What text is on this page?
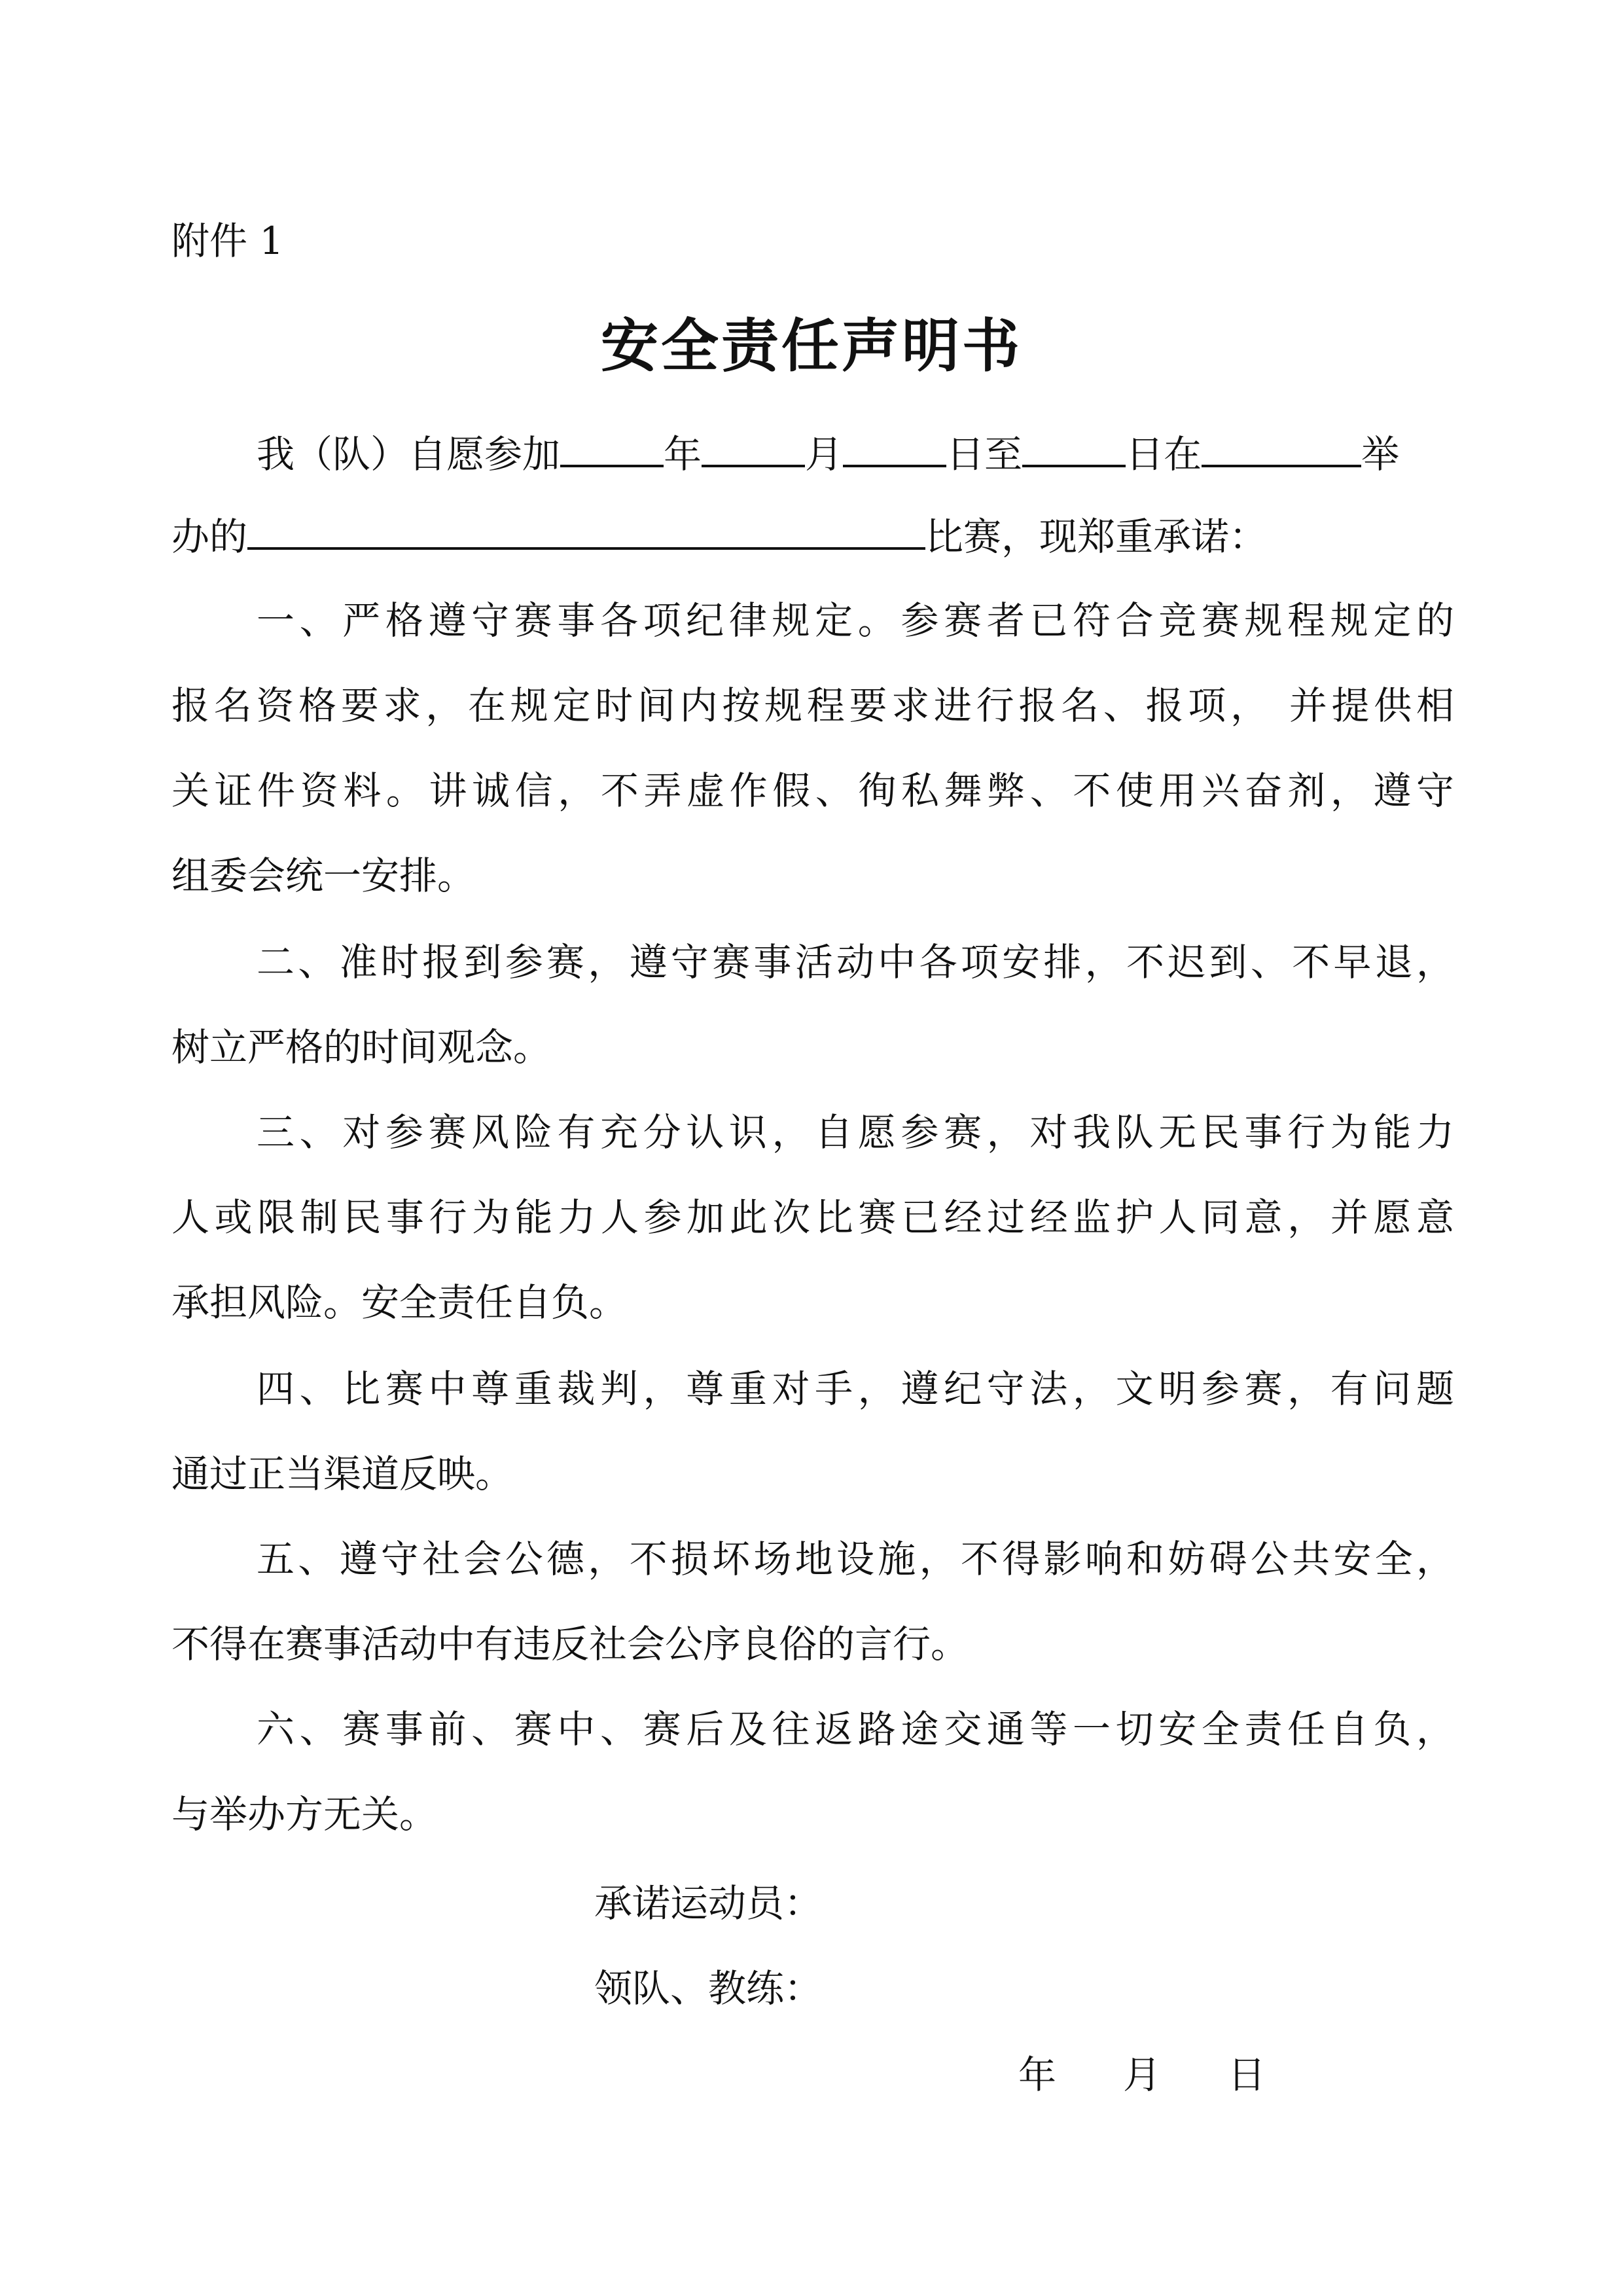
附件 1
安全责任声明书
我（队）自愿参加	年	月	日至	日在	举
办的	比赛，现郑重承诺：
一、严格遵守赛事各项纪律规定。参赛者已符合竞赛规程规定的
报名资格要求，在规定时间内按规程要求进行报名、报项， 并提供相
关证件资料。讲诚信，不弄虚作假、徇私舞弊、不使用兴奋剂，遵守
组委会统一安排。
二、准时报到参赛，遵守赛事活动中各项安排，不迟到、不早退，
树立严格的时间观念。
三、对参赛风险有充分认识，自愿参赛，对我队无民事行为能力
人或限制民事行为能力人参加此次比赛已经过经监护人同意，并愿意
承担风险。安全责任自负。
四、比赛中尊重裁判，尊重对手，遵纪守法，文明参赛，有问题
通过正当渠道反映。
五、遵守社会公德，不损坏场地设施，不得影响和妨碍公共安全，
不得在赛事活动中有违反社会公序良俗的言行。
六、赛事前、赛中、赛后及往返路途交通等一切安全责任自负，
与举办方无关。
承诺运动员：
领队、教练：
年 月 日
